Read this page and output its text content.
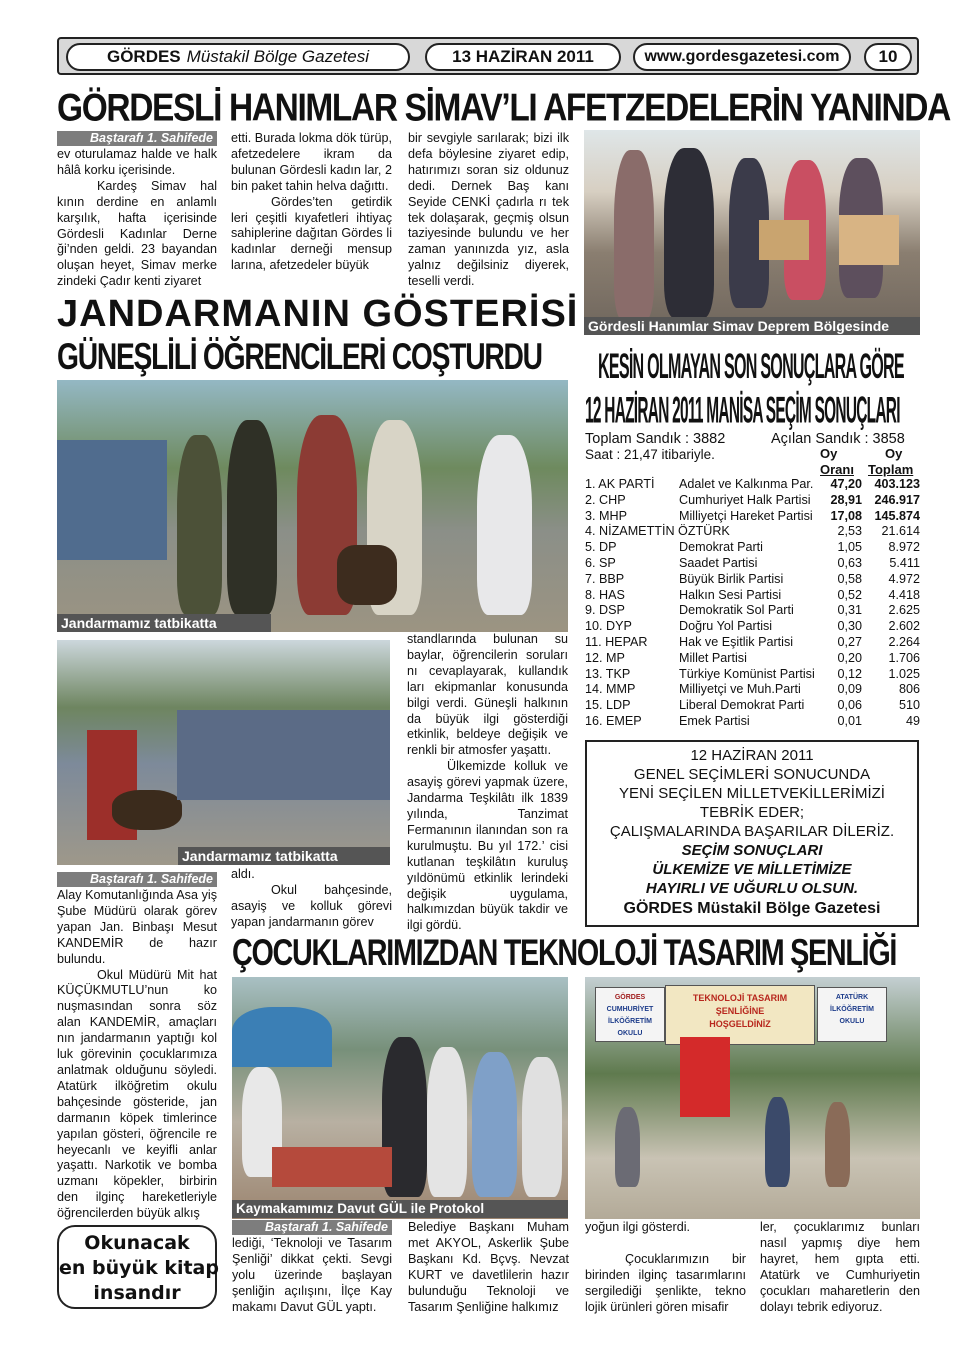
GÖRDES Müstakil Bölge Gazetesi	13 HAZİRAN 2011	www.gordesgazetesi.com	10
GÖRDESLİ HANIMLAR SİMAV’LI AFETZEDELERİN YANINDA
Baştarafı 1. Sahifede

ev oturulamaz halde ve halk hâlâ korku içerisinde.

Kardeş Simav hal kının derdine en anlamlı karşılık, hafta içerisinde Gördesli Kadınlar Derne ği’nden geldi. 23 bayandan oluşan heyet, Simav merke zindeki Çadır kenti ziyaret

etti. Burada lokma dök türüp, afetzedelere ikram da bulunan Gördesli kadın lar, 2 bin paket tahin helva dağıttı.

Gördes’ten getirdik leri çeşitli kıyafetleri ihtiyaç sahiplerine dağıtan Gördes li kadınlar derneği mensup larına, afetzedeler büyük

bir sevgiyle sarılarak; bizi ilk defa böylesine ziyaret edip, hatırımızı soran siz oldunuz dedi. Dernek Baş kanı Seyide CENKİ çadırla rı tek tek dolaşarak, geçmiş olsun taziyesinde bulundu ve her zaman yanınızda yız, asla yalnız değilsiniz diyerek, teselli verdi.

Gördesli Hanımlar Simav Deprem Bölgesinde
JANDARMANIN GÖSTERİSİ
GÜNEŞLİLİ ÖĞRENCİLERİ COŞTURDU
Jandarmamız tatbikatta
Jandarmamız tatbikatta

standlarında bulunan su baylar, öğrencilerin soruları nı cevaplayarak, kullandık ları ekipmanlar konusunda bilgi verdi. Güneşli halkının da büyük ilgi gösterdiği etkinlik, beldeye değişik ve renkli bir atmosfer yaşattı.

Ülkemizde kolluk ve asayiş görevi yapmak üzere, Jandarma Teşkilâtı ilk 1839 yılında, Tanzimat Fermanının ilanından son ra kurulmuştu. Bu yıl 172.’ cisi kutlanan teşkilâtın kuruluş yıldönümü etkinlik lerindeki değişik uygulama, halkımızdan büyük takdir ve ilgi gördü.

Baştarafı 1. Sahifede

Alay Komutanlığında Asa yiş Şube Müdürü olarak görev yapan Jan. Binbaşı Mesut KANDEMİR de hazır bulundu.

Okul Müdürü Mit hat KÜÇÜKMUTLU’nun ko nuşmasından sonra söz alan KANDEMİR, amaçları nın jandarmanın yaptığı kol luk görevinin çocuklarımıza anlatmak olduğunu söyledi. Atatürk ilköğretim okulu bahçesinde gösteride, jan darmanın köpek timlerince yapılan gösteri, öğrencile re heyecanlı ve keyifli anlar yaşattı. Narkotik ve bomba uzmanı köpekler, birbirin den ilginç hareketleriyle öğrencilerden büyük alkış

aldı.

Okul bahçesinde, asayiş ve kolluk görevi yapan jandarmanın görev

KESİN OLMAYAN SON SONUÇLARA GÖRE
12 HAZİRAN 2011 MANİSA SEÇİM SONUÇLARI
Toplam Sandık : 3882	Açılan Sandık : 3858
Saat : 21,47 itibariyle.	Oy
Oranı
Oy
Toplam
1. AK PARTİ Adalet ve Kalkınma Par. 47,20 403.123
2. CHP	Cumhuriyet Halk Partisi 28,91 246.917
3. MHP	Milliyetçi Hareket Partisi 17,08 145.874
4. NİZAMETTİN ÖZTÜRK	2,53 21.614
5. DP	Demokrat Parti	1,05 8.972
6. SP	Saadet Partisi	0,63 5.411
7. BBP	Büyük Birlik Partisi	0,58 4.972
8. HAS	Halkın Sesi Partisi	0,52 4.418
9. DSP	Demokratik Sol Parti	0,31 2.625
10. DYP	Doğru Yol Partisi	0,30 2.602
11. HEPAR Hak ve Eşitlik Partisi	0,27 2.264
12. MP	Millet Partisi	0,20 1.706
13. TKP	Türkiye Komünist Partisi 0,12 1.025
14. MMP	Milliyetçi ve Muh.Parti	0,09	806
15. LDP	Liberal Demokrat Parti	0,06	510
16. EMEP	Emek Partisi	0,01	49
12 HAZİRAN 2011
GENEL SEÇİMLERİ SONUCUNDA
YENİ SEÇİLEN MİLLETVEKİLLERİMİZİ
TEBRİK EDER;
ÇALIŞMALARINDA BAŞARILAR DİLERİZ.
SEÇİM SONUÇLARI
ÜLKEMİZE VE MİLLETİMİZE
HAYIRLI VE UĞURLU OLSUN.
GÖRDES Müstakil Bölge Gazetesi
ÇOCUKLARIMIZDAN TEKNOLOJİ TASARIM ŞENLİĞİ
Kaymakamımız Davut GÜL ile Protokol
GÖRDES
CUMHURİYET
İLKÖĞRETİM OKULU
TEKNOLOJİ TASARIM
ŞENLİĞİNE
HOŞGELDİNİZ
ATATÜRK
İLKÖĞRETİM
OKULU
Baştarafı 1. Sahifede

lediği, ‘Teknoloji ve Tasarım Şenliği’ dikkat çekti. Sevgi yolu üzerinde başlayan şenliğin açılışını, İlçe Kay makamı Davut GÜL yaptı.

Belediye Başkanı Muham met AKYOL, Askerlik Şube Başkanı Kd. Bçvş. Nevzat KURT ve davetlilerin hazır bulunduğu Teknoloji ve Tasarım Şenliğine halkımız

yoğun ilgi gösterdi.

Çocuklarımızın bir birinden ilginç tasarımlarını sergilediği şenlikte, tekno lojik ürünleri gören misafir

ler, çocuklarımız bunları nasıl yapmış diye hem hayret, hem gıpta etti. Atatürk ve Cumhuriyetin çocukları maharetlerin den dolayı tebrik ediyoruz.

Okunacak
en büyük kitap
insandır
